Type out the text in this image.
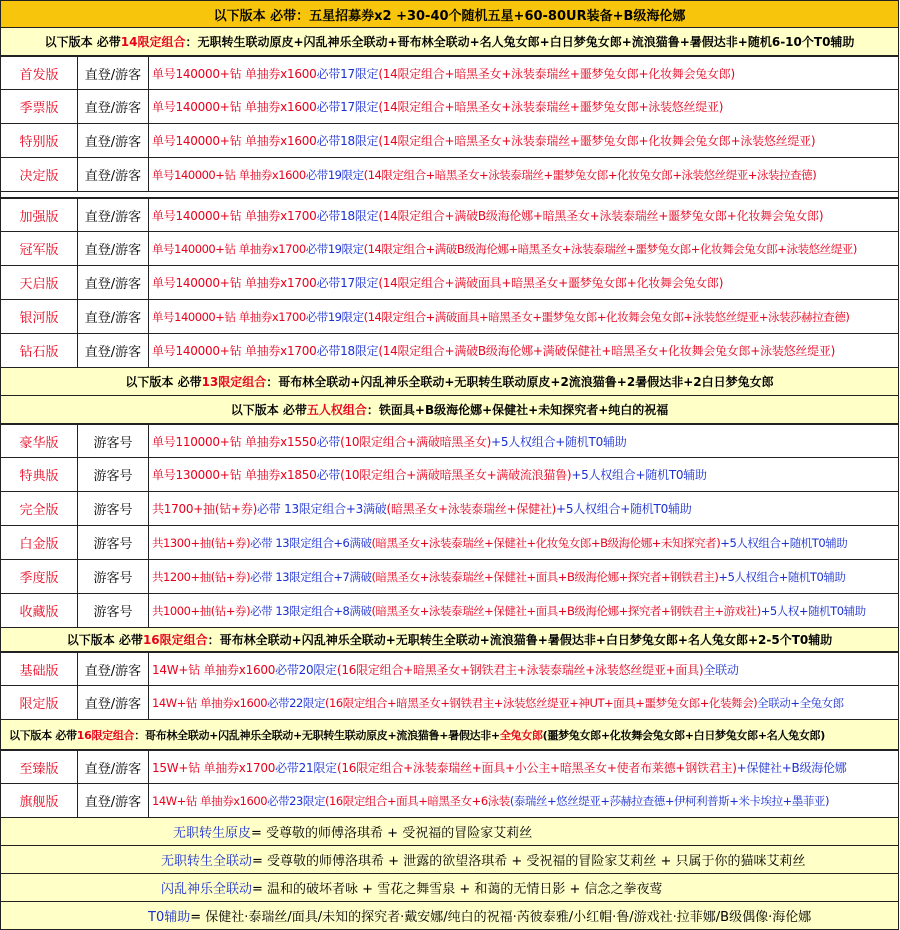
以下版本 必带：五星招募券x2 +30-40个随机五星+60-80UR装备+B级海伦娜
以下版本 必带 14限定组合 ：无职转生联动原皮+闪乱神乐全联动+哥布林全联动+名人兔女郎+白日梦兔女郎+流浪猫鲁+暑假达非+随机6-10个T0辅助
首发版	直登/游客 单号140000+钻 单抽券x1600 必带17限定 (14限定组合+暗黑圣女+泳装泰瑞丝+噩梦兔女郎+化妆舞会兔女郎)
季票版	直登/游客 单号140000+钻 单抽券x1600 必带17限定 (14限定组合+暗黑圣女+泳装泰瑞丝+噩梦兔女郎+泳装悠丝缇亚)
特别版	直登/游客 单号140000+钻 单抽券x1600 必带18限定 (14限定组合+暗黑圣女+泳装泰瑞丝+噩梦兔女郎+化妆舞会兔女郎+泳装悠丝缇亚)
决定版	直登/游客 单号140000+钻 单抽券x1600 必带19限定 (14限定组合+暗黑圣女+泳装泰瑞丝+噩梦兔女郎+化妆兔女郎+泳装悠丝缇亚+泳装拉查德)
加强版	直登/游客 单号140000+钻 单抽券x1700 必带18限定 (14限定组合+满破B级海伦娜+暗黑圣女+泳装泰瑞丝+噩梦兔女郎+化妆舞会兔女郎)
冠军版	直登/游客 单号140000+钻 单抽券x1700 必带19限定 (14限定组合+满破B级海伦娜+暗黑圣女+泳装泰瑞丝+噩梦兔女郎+化妆舞会兔女郎+泳装悠丝缇亚)
天启版	直登/游客 单号140000+钻 单抽券x1700 必带17限定 (14限定组合+满破面具+暗黑圣女+噩梦兔女郎+化妆舞会兔女郎)
银河版	直登/游客 单号140000+钻 单抽券x1700 必带19限定 (14限定组合+满破面具+暗黑圣女+噩梦兔女郎+化妆舞会兔女郎+泳装悠丝缇亚+泳装莎赫拉查德)
钻石版	直登/游客 单号140000+钻 单抽券x1700 必带18限定 (14限定组合+满破B级海伦娜+满破保健社+暗黑圣女+化妆舞会兔女郎+泳装悠丝缇亚)
以下版本 必带 13限定组合 ：哥布林全联动+闪乱神乐全联动+无职转生联动原皮+2流浪猫鲁+2暑假达非+2白日梦兔女郎
以下版本 必带 五人权组合 ：铁面具+B级海伦娜+保健社+未知探究者+纯白的祝福
豪华版	游客号	单号110000+钻 单抽券x1550 必带 (10限定组合+满破暗黑圣女) +5人权组合+随机T0辅助
特典版	游客号	单号130000+钻 单抽券x1850 必带 (10限定组合+满破暗黑圣女+满破流浪猫鲁) +5人权组合+随机T0辅助
完全版	游客号	共1700+抽(钻+券) 必带 13限定组合+3满破 (暗黑圣女+泳装泰瑞丝+保健社) +5人权组合+随机T0辅助
白金版	游客号	共1300+抽(钻+券) 必带 13限定组合+6满破 (暗黑圣女+泳装泰瑞丝+保健社+化妆兔女郎+B级海伦娜+未知探究者) +5人权组合+随机T0辅助
季度版	游客号	共1200+抽(钻+券) 必带 13限定组合+7满破 (暗黑圣女+泳装泰瑞丝+保健社+面具+B级海伦娜+探究者+钢铁君主) +5人权组合+随机T0辅助
收藏版	游客号	共1000+抽(钻+券) 必带 13限定组合+8满破 (暗黑圣女+泳装泰瑞丝+保健社+面具+B级海伦娜+探究者+钢铁君主+游戏社) +5人权+随机T0辅助
以下版本 必带 16限定组合 ：哥布林全联动+闪乱神乐全联动+无职转生全联动+流浪猫鲁+暑假达非+白日梦兔女郎+名人兔女郎+2-5个T0辅助
基础版	直登/游客 14W+钻 单抽券x1600 必带20限定 (16限定组合+暗黑圣女+钢铁君主+泳装泰瑞丝+泳装悠丝缇亚+面具) 全联动
限定版	直登/游客 14W+钻 单抽券x1600 必带22限定 (16限定组合+暗黑圣女+钢铁君主+泳装悠丝缇亚+神UT+面具+噩梦兔女郎+化装舞会) 全联动+全兔女郎
以下版本 必带 16限定组合 ：哥布林全联动+闪乱神乐全联动+无职转生联动原皮+流浪猫鲁+暑假达非+ 全兔女郎 (噩梦兔女郎+化妆舞会兔女郎+白日梦兔女郎+名人兔女郎)
至臻版	直登/游客 15W+钻 单抽券x1700 必带21限定 (16限定组合+泳装泰瑞丝+面具+小公主+暗黑圣女+使者布莱德+钢铁君主) +保健社+B级海伦娜
旗舰版	直登/游客 14W+钻 单抽券x1600 必带23限定 (16限定组合+面具+暗黑圣女+6泳装 (泰瑞丝+悠丝缇亚+莎赫拉查德+伊柯利普斯+米卡埃拉+墨菲亚)
无职转生原皮 = 受尊敬的师傅洛琪希 + 受祝福的冒险家艾莉丝
无职转生全联动 = 受尊敬的师傅洛琪希 + 泄露的欲望洛琪希 + 受祝福的冒险家艾莉丝 + 只属于你的猫咪艾莉丝
闪乱神乐全联动 = 温和的破坏者咏 + 雪花之舞雪泉 + 和蔼的无情日影 + 信念之拳夜莺
T0辅助 = 保健社·泰瑞丝/面具/未知的探究者·戴安娜/纯白的祝福·芮彼泰雅/小红帽·鲁/游戏社·拉菲娜/B级偶像·海伦娜
